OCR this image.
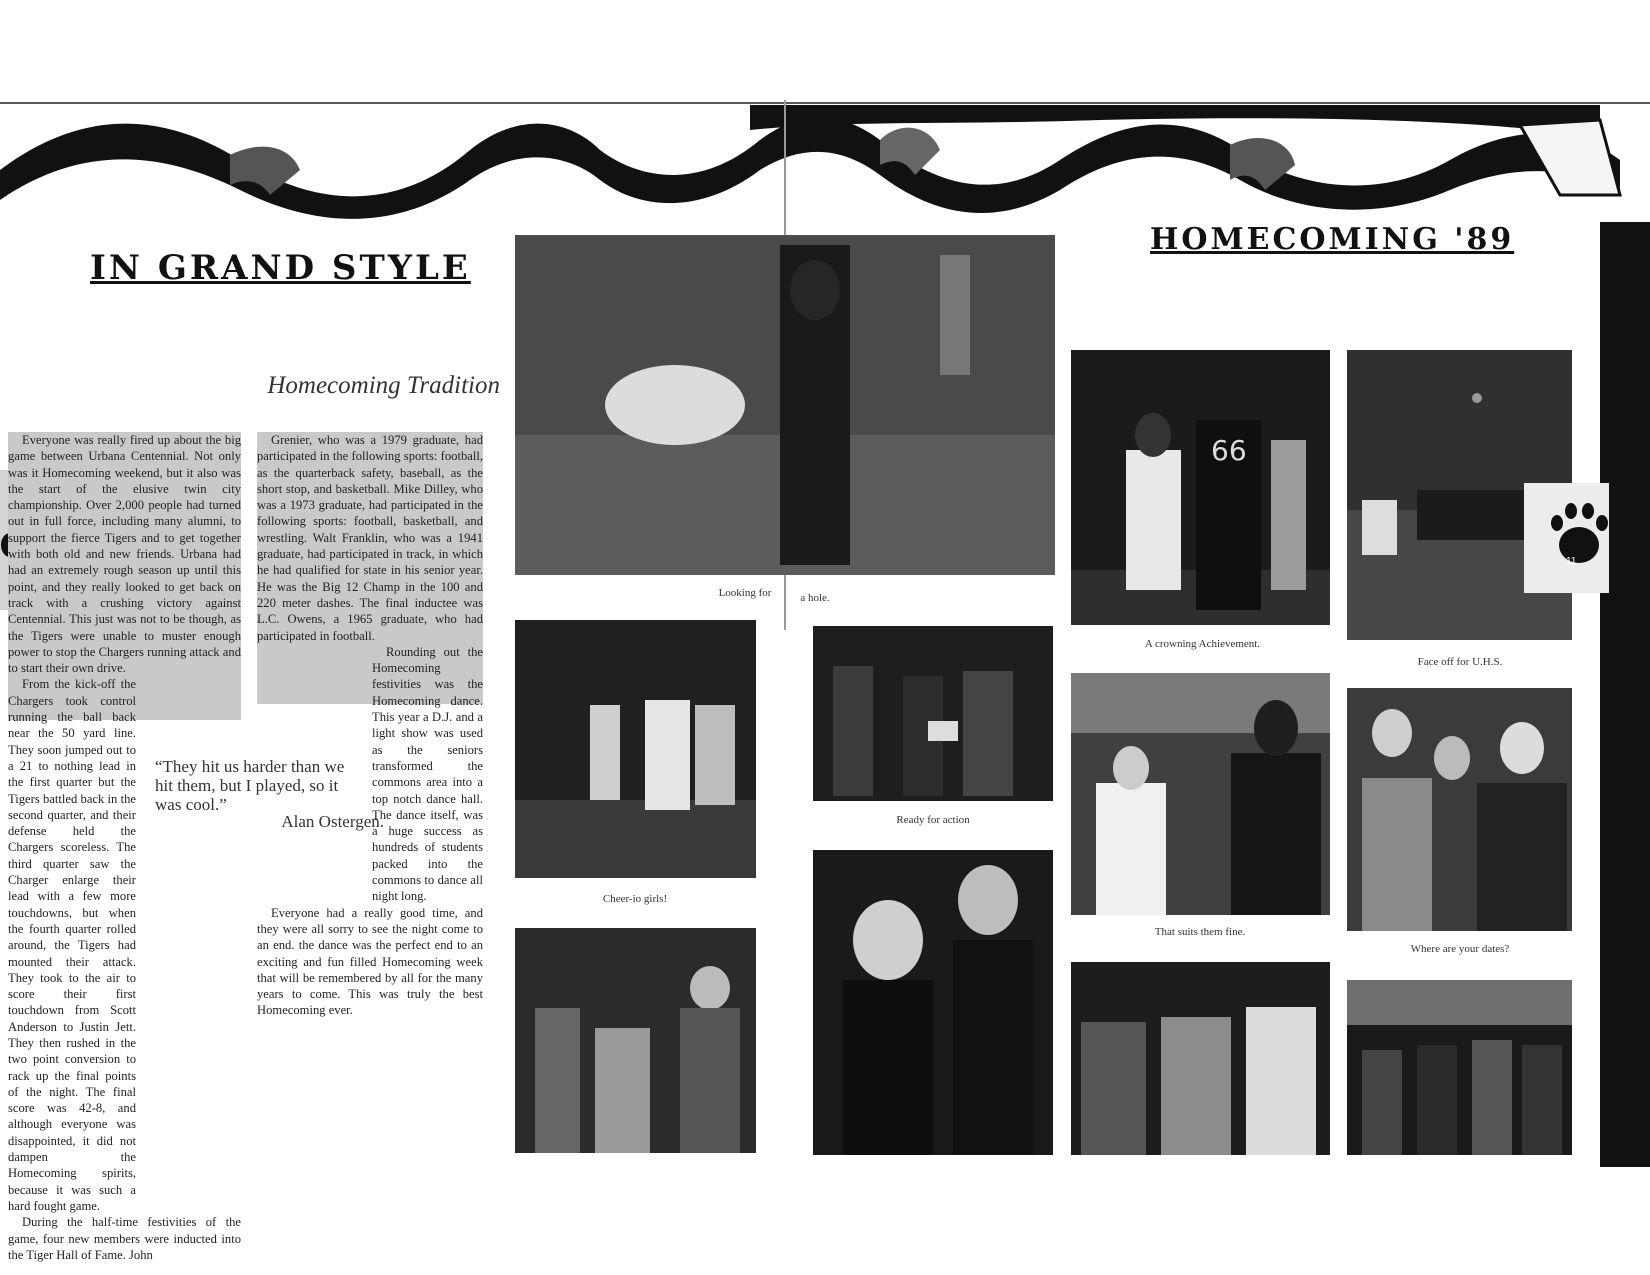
IN GRAND STYLE
HOMECOMING '89
Homecoming Tradition

Everyone was really fired up about the big game between Urbana Centennial. Not only was it Homecoming weekend, but it also was the start of the elusive twin city championship. Over 2,000 people had turned out in full force, including many alumni, to support the fierce Tigers and to get together with both old and new friends. Urbana had had an extremely rough season up until this point, and they really looked to get back on track with a crushing victory against Centennial. This just was not to be though, as the Tigers were unable to muster enough power to stop the Chargers running attack and to start their own drive.

From the kick-off the Chargers took control running the ball back near the 50 yard line. They soon jumped out to a 21 to nothing lead in the first quarter but the Tigers battled back in the second quarter, and their defense held the Chargers scoreless. The third quarter saw the Charger enlarge their lead with a few more touchdowns, but when the fourth quarter rolled around, the Tigers had mounted their attack. They took to the air to score their first touchdown from Scott Anderson to Justin Jett. They then rushed in the two point conversion to rack up the final points of the night. The final score was 42-8, and although everyone was disappointed, it did not dampen the Homecoming spirits, because it was such a hard fought game.

During the half-time festivities of the game, four new members were inducted into the Tiger Hall of Fame. John

Grenier, who was a 1979 graduate, had participated in the following sports: football, as the quarterback safety, baseball, as the short stop, and basketball. Mike Dilley, who was a 1973 graduate, had participated in the following sports: football, basketball, and wrestling. Walt Franklin, who was a 1941 graduate, had participated in track, in which he had qualified for state in his senior year. He was the Big 12 Champ in the 100 and 220 meter dashes. The final inductee was L.C. Owens, a 1965 graduate, who had participated in football.

Rounding out the Homecoming festivities was the Homecoming dance. This year a D.J. and a light show was used as the seniors transformed the commons area into a top notch dance hall. The dance itself, was a huge success as hundreds of students packed into the commons to dance all night long.

Everyone had a really good time, and they were all sorry to see the night come to an end. the dance was the perfect end to an exciting and fun filled Homecoming week that will be remembered by all for the many years to come. This was truly the best Homecoming ever.

“They hit us harder than we hit them, but I played, so it was cool.”
Alan Ostergen.
Looking for	a hole.
Cheer-io girls!
Ready for action
66
A crowning Achievement.
Face off for U.H.S.
11
That suits them fine.
Where are your dates?
